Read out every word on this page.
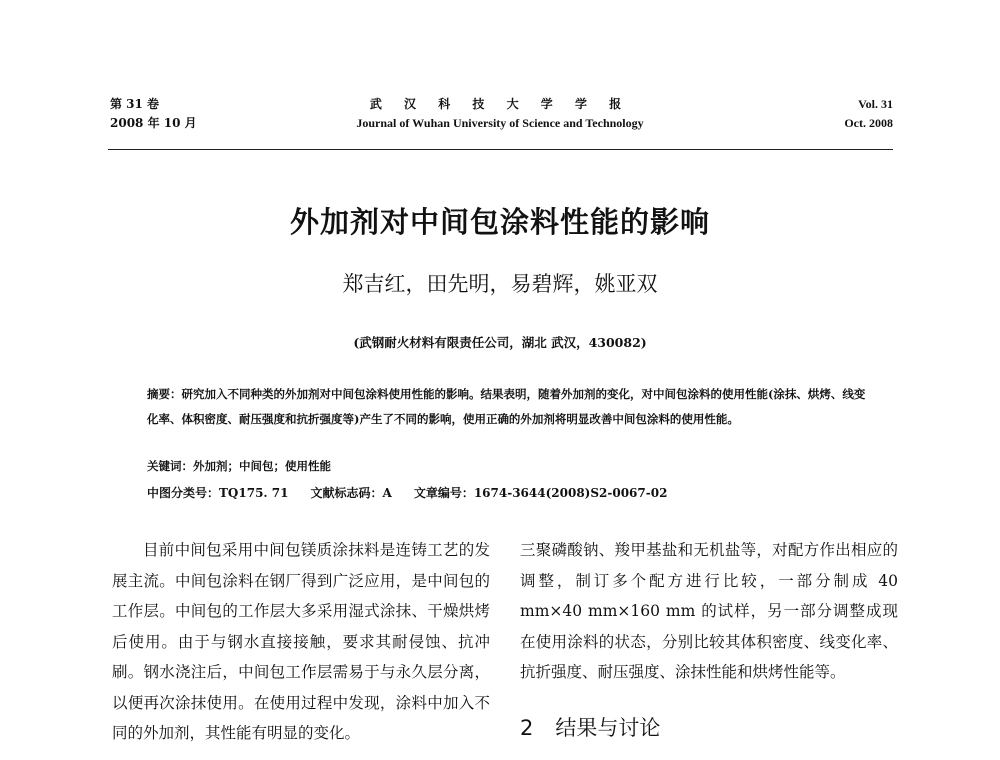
第 31 卷
2008 年 10 月
武 汉 科 技 大 学 学 报
Journal of Wuhan University of Science and Technology
Vol. 31
Oct. 2008
外加剂对中间包涂料性能的影响
郑吉红，田先明，易碧辉，姚亚双
(武钢耐火材料有限责任公司，湖北 武汉，430082)

摘要：研究加入不同种类的外加剂对中间包涂料使用性能的影响。结果表明，随着外加剂的变化，对中间包涂料的使用性能(涂抹、烘烤、线变化率、体积密度、耐压强度和抗折强度等)产生了不同的影响，使用正确的外加剂将明显改善中间包涂料的使用性能。

关键词：外加剂；中间包；使用性能
中图分类号：TQ175. 71 文献标志码：A 文章编号：1674-3644(2008)S2-0067-02

目前中间包采用中间包镁质涂抹料是连铸工艺的发展主流。中间包涂料在钢厂得到广泛应用，是中间包的工作层。中间包的工作层大多采用湿式涂抹、干燥烘烤后使用。由于与钢水直接接触，要求其耐侵蚀、抗冲刷。钢水浇注后，中间包工作层需易于与永久层分离，以便再次涂抹使用。在使用过程中发现，涂料中加入不同的外加剂，其性能有明显的变化。

三聚磷酸钠、羧甲基盐和无机盐等，对配方作出相应的调整，制订多个配方进行比较，一部分制成 40 mm×40 mm×160 mm 的试样，另一部分调整成现在使用涂料的状态，分别比较其体积密度、线变化率、抗折强度、耐压强度、涂抹性能和烘烤性能等。

2 结果与讨论
